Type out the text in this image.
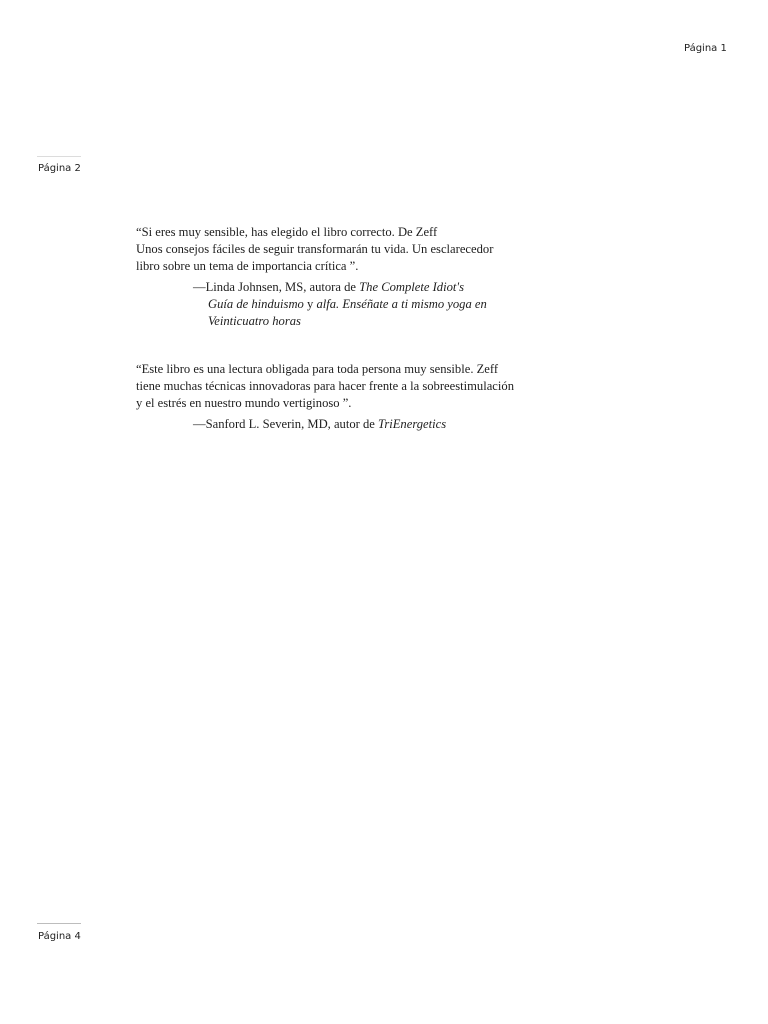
Página 1
Página 2
“Si eres muy sensible, has elegido el libro correcto. De Zeff
Unos consejos fáciles de seguir transformarán tu vida. Un esclarecedor
libro sobre un tema de importancia crítica ”.
—Linda Johnsen, MS, autora de The Complete Idiot's
Guía de hinduismo y alfa. Enséñate a ti mismo yoga en
Veinticuatro horas
“Este libro es una lectura obligada para toda persona muy sensible. Zeff
tiene muchas técnicas innovadoras para hacer frente a la sobreestimulación
y el estrés en nuestro mundo vertiginoso ”.
—Sanford L. Severin, MD, autor de TriEnergetics
Página 4
